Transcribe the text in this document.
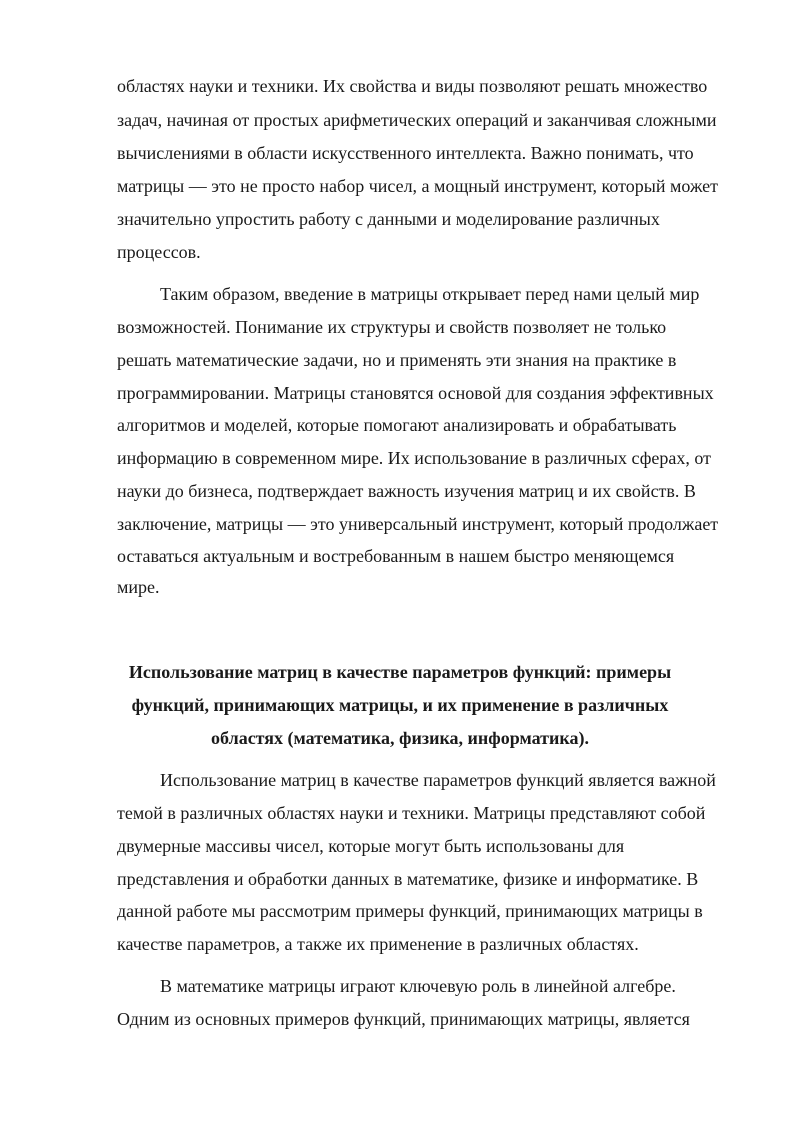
областях науки и техники. Их свойства и виды позволяют решать множество
задач, начиная от простых арифметических операций и заканчивая сложными
вычислениями в области искусственного интеллекта. Важно понимать, что
матрицы — это не просто набор чисел, а мощный инструмент, который может
значительно упростить работу с данными и моделирование различных
процессов.
Таким образом, введение в матрицы открывает перед нами целый мир
возможностей. Понимание их структуры и свойств позволяет не только
решать математические задачи, но и применять эти знания на практике в
программировании. Матрицы становятся основой для создания эффективных
алгоритмов и моделей, которые помогают анализировать и обрабатывать
информацию в современном мире. Их использование в различных сферах, от
науки до бизнеса, подтверждает важность изучения матриц и их свойств. В
заключение, матрицы — это универсальный инструмент, который продолжает
оставаться актуальным и востребованным в нашем быстро меняющемся
мире.
Использование матриц в качестве параметров функций: примеры
функций, принимающих матрицы, и их применение в различных
областях (математика, физика, информатика).
Использование матриц в качестве параметров функций является важной
темой в различных областях науки и техники. Матрицы представляют собой
двумерные массивы чисел, которые могут быть использованы для
представления и обработки данных в математике, физике и информатике. В
данной работе мы рассмотрим примеры функций, принимающих матрицы в
качестве параметров, а также их применение в различных областях.
В математике матрицы играют ключевую роль в линейной алгебре.
Одним из основных примеров функций, принимающих матрицы, является
